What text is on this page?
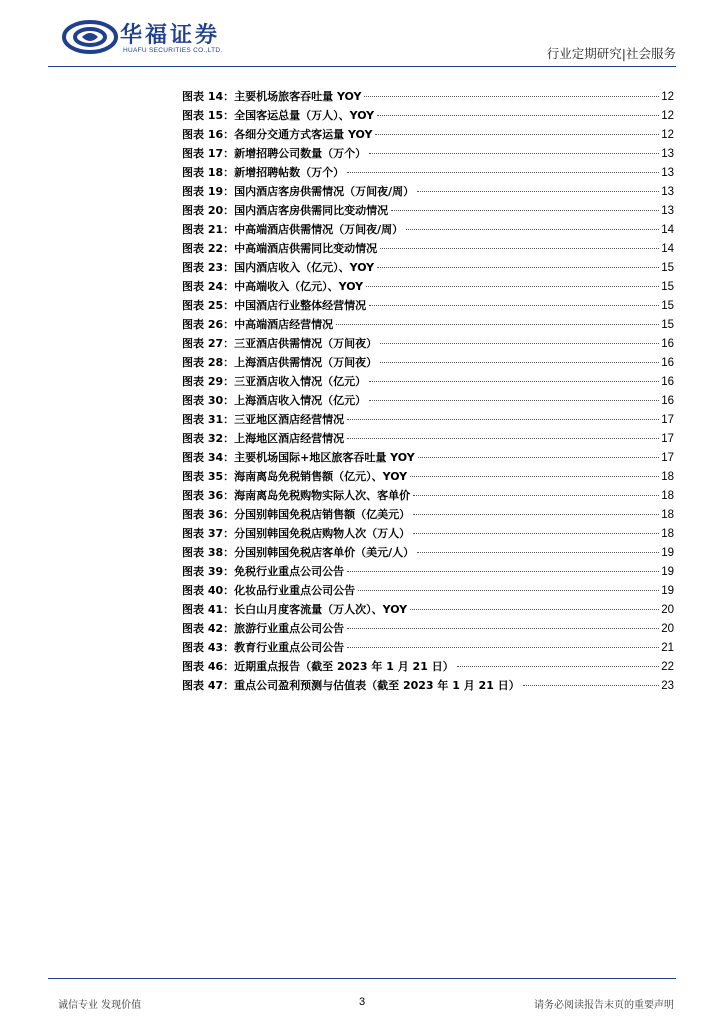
华福证券
HUAFU SECURITIES CO.,LTD.	行业定期研究|社会服务
图表 14： 主要机场旅客吞吐量 YOY	12
图表 15： 全国客运总量（万人）、YOY	12
图表 16： 各细分交通方式客运量 YOY	12
图表 17： 新增招聘公司数量（万个）	13
图表 18： 新增招聘帖数（万个）	13
图表 19： 国内酒店客房供需情况（万间夜/周）	13
图表 20： 国内酒店客房供需同比变动情况	13
图表 21： 中高端酒店供需情况（万间夜/周）	14
图表 22： 中高端酒店供需同比变动情况	14
图表 23： 国内酒店收入（亿元）、YOY	15
图表 24： 中高端收入（亿元）、YOY	15
图表 25： 中国酒店行业整体经营情况	15
图表 26： 中高端酒店经营情况	15
图表 27： 三亚酒店供需情况（万间夜）	16
图表 28： 上海酒店供需情况（万间夜）	16
图表 29： 三亚酒店收入情况（亿元）	16
图表 30： 上海酒店收入情况（亿元）	16
图表 31： 三亚地区酒店经营情况	17
图表 32： 上海地区酒店经营情况	17
图表 34： 主要机场国际+地区旅客吞吐量 YOY	17
图表 35： 海南离岛免税销售额（亿元）、YOY	18
图表 36： 海南离岛免税购物实际人次、客单价	18
图表 36： 分国别韩国免税店销售额（亿美元）	18
图表 37： 分国别韩国免税店购物人次（万人）	18
图表 38： 分国别韩国免税店客单价（美元/人）	19
图表 39： 免税行业重点公司公告	19
图表 40： 化妆品行业重点公司公告	19
图表 41： 长白山月度客流量（万人次）、YOY	20
图表 42： 旅游行业重点公司公告	20
图表 43： 教育行业重点公司公告	21
图表 46： 近期重点报告（截至 2023 年 1 月 21 日）	22
图表 47： 重点公司盈利预测与估值表（截至 2023 年 1 月 21 日）	23
诚信专业 发现价值	3	请务必阅读报告末页的重要声明
